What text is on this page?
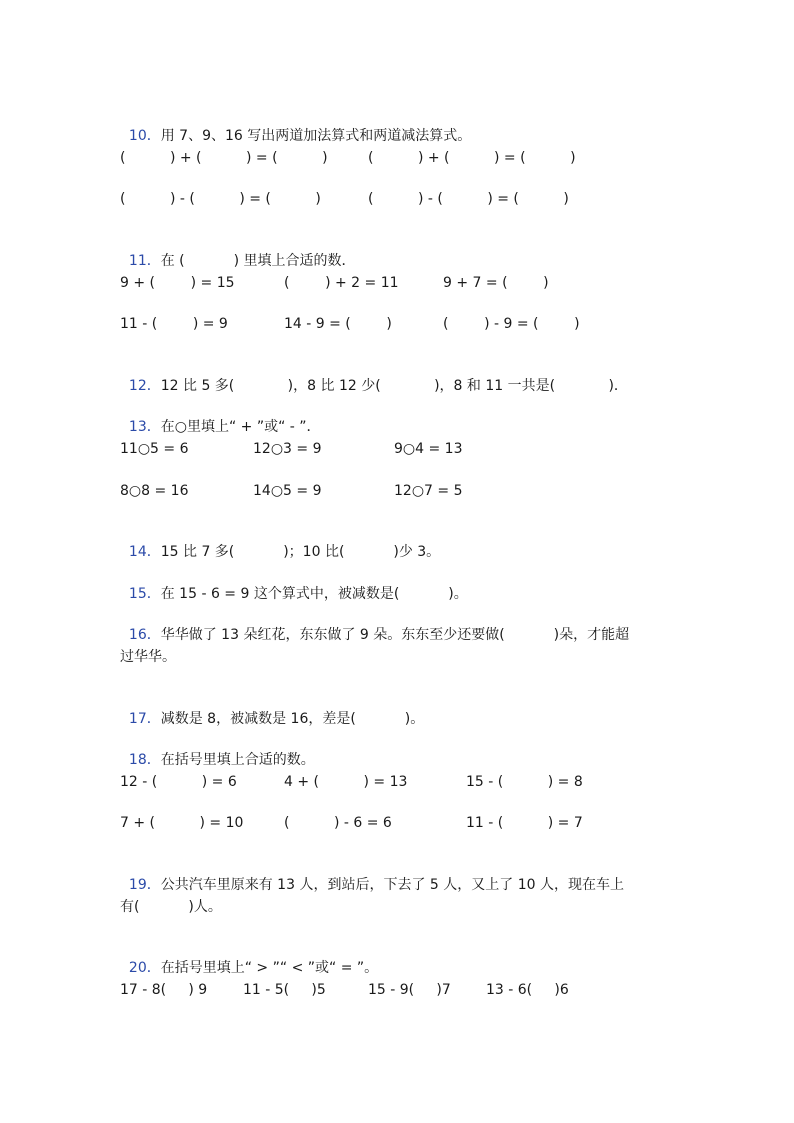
10．用 7、9、16 写出两道加法算式和两道减法算式。

(          ) + (          ) = (          )	(          ) + (          ) = (          )
(          ) - (          ) = (          )	(          ) - (          ) = (          )

11．在 (           ) 里填上合适的数．

9 + (        ) = 15	(        ) + 2 = 11	9 + 7 = (        )
11 - (        ) = 9	14 - 9 = (        )	(        ) - 9 = (        )

12．12 比 5 多(            )，8 比 12 少(            )，8 和 11 一共是(            )．

13．在○里填上“ + ”或“ - ”．

11○5 = 6	12○3 = 9	9○4 = 13
8○8 = 16	14○5 = 9	12○7 = 5

14．15 比 7 多(           )；10 比(           )少 3。

15．在 15 - 6 = 9 这个算式中，被减数是(           )。

16．华华做了 13 朵红花，东东做了 9 朵。东东至少还要做(           )朵，才能超

过华华。

17．减数是 8，被减数是 16，差是(           )。

18．在括号里填上合适的数。

12 - (          ) = 6	4 + (          ) = 13	15 - (          ) = 8
7 + (          ) = 10	(          ) - 6 = 6	11 - (          ) = 7

19．公共汽车里原来有 13 人，到站后，下去了 5 人，又上了 10 人，现在车上

有(           )人。

20．在括号里填上“ > ”“ < ”或“ = ”。

17 - 8(     ) 9	11 - 5(     )5	15 - 9(     )7	13 - 6(     )6
